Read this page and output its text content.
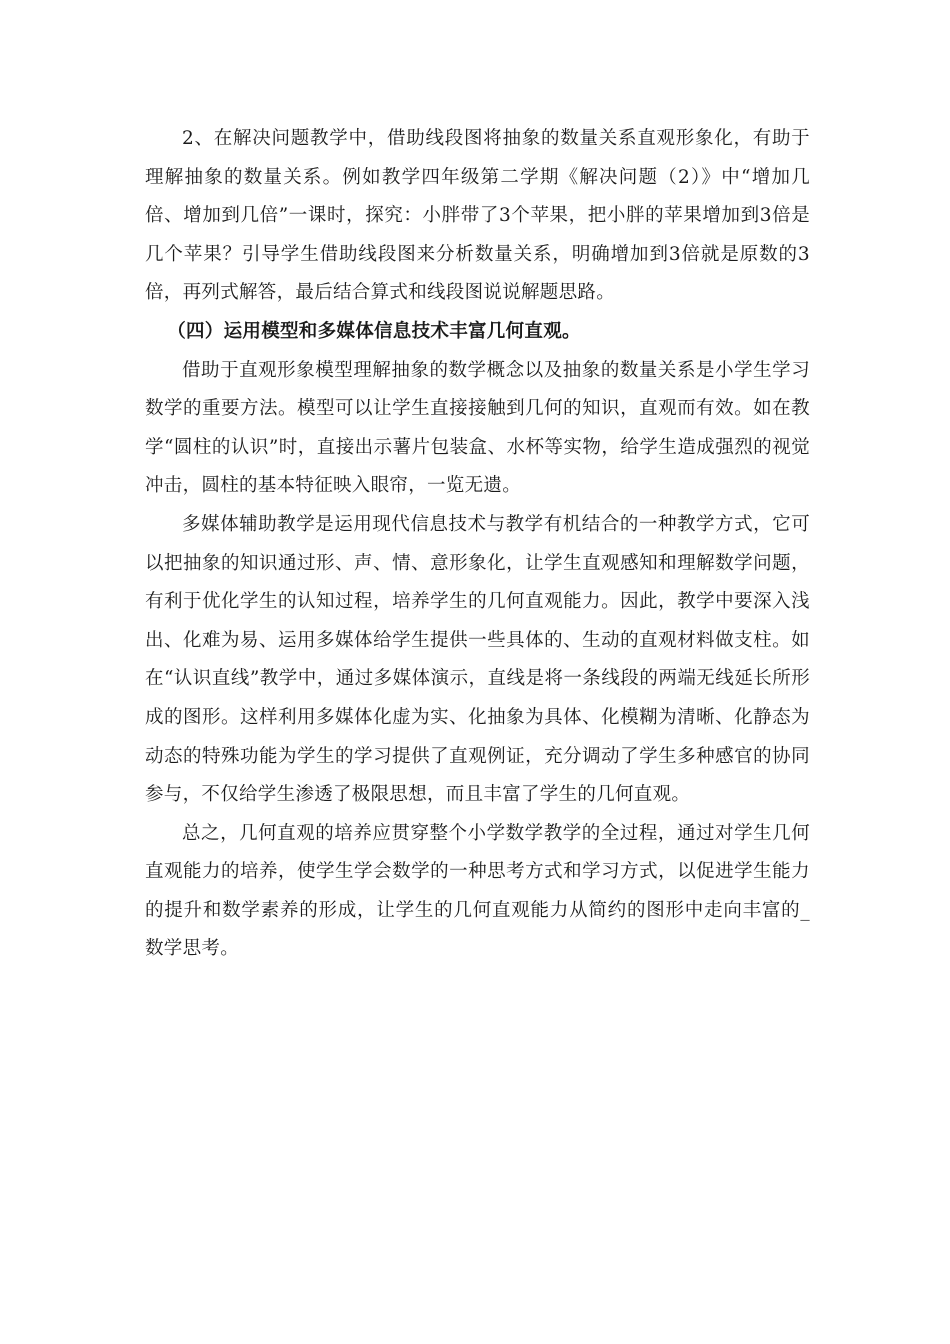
2、在解决问题教学中，借助线段图将抽象的数量关系直观形象化，有助于理解抽象的数量关系。例如教学四年级第二学期《解决问题（2）》中“增加几倍、增加到几倍”一课时，探究：小胖带了3个苹果，把小胖的苹果增加到3倍是几个苹果？引导学生借助线段图来分析数量关系，明确增加到3倍就是原数的3倍，再列式解答，最后结合算式和线段图说说解题思路。

（四）运用模型和多媒体信息技术丰富几何直观。

借助于直观形象模型理解抽象的数学概念以及抽象的数量关系是小学生学习数学的重要方法。模型可以让学生直接接触到几何的知识，直观而有效。如在教学“圆柱的认识”时，直接出示薯片包装盒、水杯等实物，给学生造成强烈的视觉冲击，圆柱的基本特征映入眼帘，一览无遗。

多媒体辅助教学是运用现代信息技术与教学有机结合的一种教学方式，它可以把抽象的知识通过形、声、情、意形象化，让学生直观感知和理解数学问题，有利于优化学生的认知过程，培养学生的几何直观能力。因此，教学中要深入浅出、化难为易、运用多媒体给学生提供一些具体的、生动的直观材料做支柱。如在“认识直线”教学中，通过多媒体演示，直线是将一条线段的两端无线延长所形成的图形。这样利用多媒体化虚为实、化抽象为具体、化模糊为清晰、化静态为动态的特殊功能为学生的学习提供了直观例证，充分调动了学生多种感官的协同参与，不仅给学生渗透了极限思想，而且丰富了学生的几何直观。

总之，几何直观的培养应贯穿整个小学数学教学的全过程，通过对学生几何直观能力的培养，使学生学会数学的一种思考方式和学习方式，以促进学生能力的提升和数学素养的形成，让学生的几何直观能力从简约的图形中走向丰富的_数学思考。
